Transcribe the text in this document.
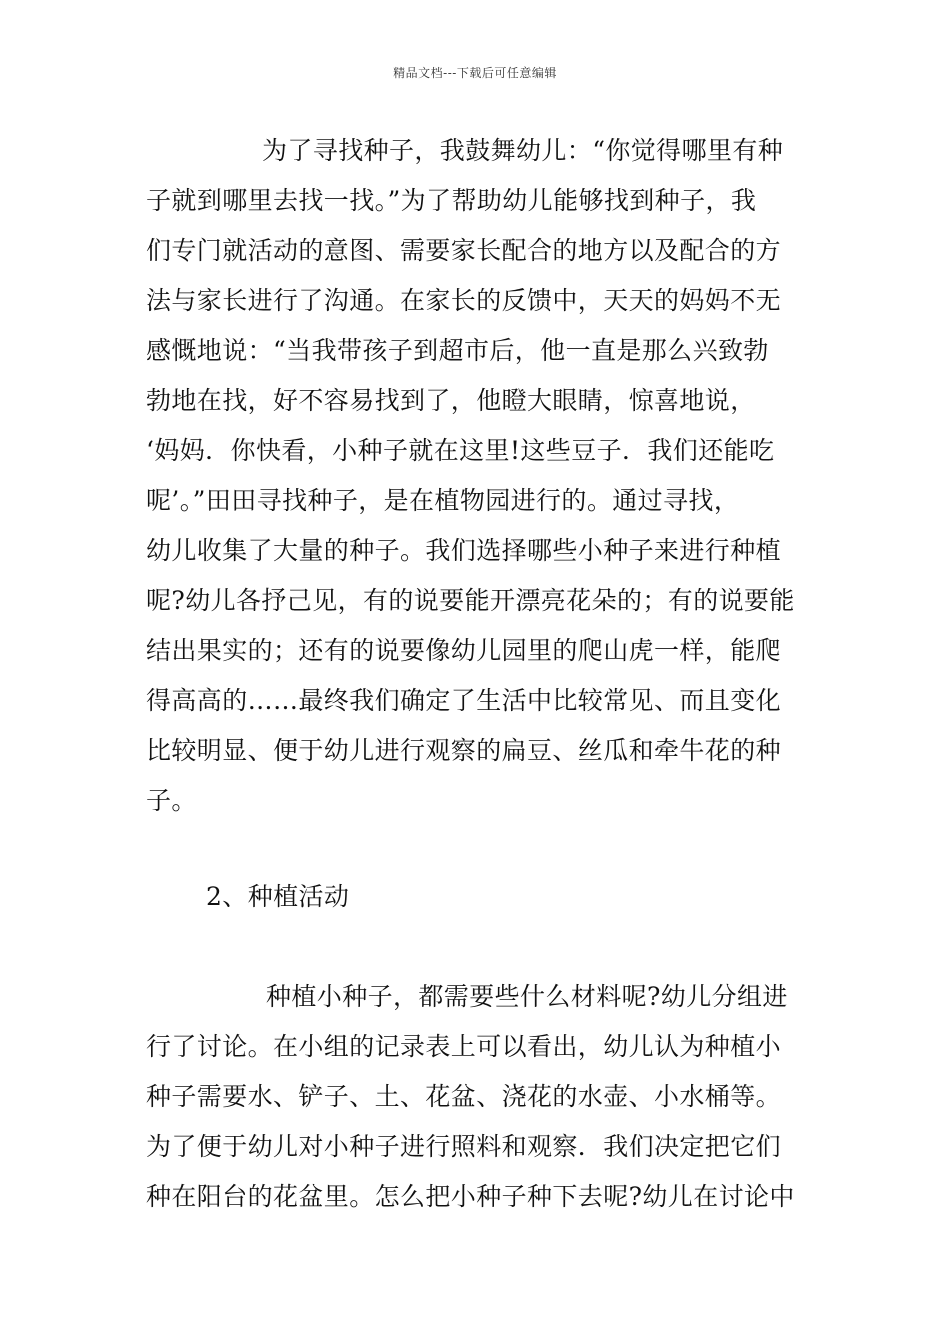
精品文档---下载后可任意编辑
为了寻找种子，我鼓舞幼儿：“你觉得哪里有种
子就到哪里去找一找。”为了帮助幼儿能够找到种子，我
们专门就活动的意图、需要家长配合的地方以及配合的方
法与家长进行了沟通。在家长的反馈中，天天的妈妈不无
感慨地说：“当我带孩子到超市后，他一直是那么兴致勃
勃地在找，好不容易找到了，他瞪大眼睛，惊喜地说，
‘妈妈．你快看，小种子就在这里!这些豆子．我们还能吃
呢’。”田田寻找种子，是在植物园进行的。通过寻找，
幼儿收集了大量的种子。我们选择哪些小种子来进行种植
呢?幼儿各抒己见，有的说要能开漂亮花朵的；有的说要能
结出果实的；还有的说要像幼儿园里的爬山虎一样，能爬
得高高的……最终我们确定了生活中比较常见、而且变化
比较明显、便于幼儿进行观察的扁豆、丝瓜和牵牛花的种
子。
2、种植活动
种植小种子，都需要些什么材料呢?幼儿分组进
行了讨论。在小组的记录表上可以看出，幼儿认为种植小
种子需要水、铲子、土、花盆、浇花的水壶、小水桶等。
为了便于幼儿对小种子进行照料和观察．我们决定把它们
种在阳台的花盆里。怎么把小种子种下去呢?幼儿在讨论中
